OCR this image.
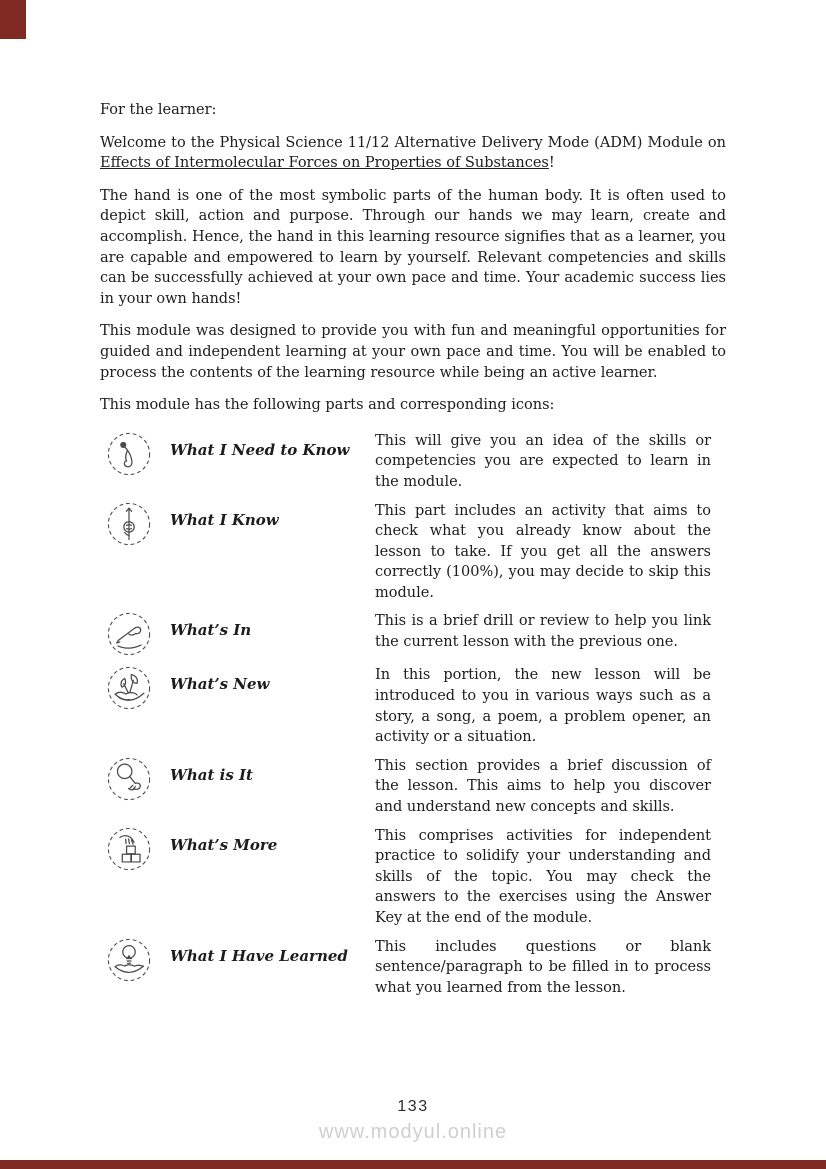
For the learner:

Welcome to the Physical Science 11/12 Alternative Delivery Mode (ADM) Module on Effects of Intermolecular Forces on Properties of Substances!

The hand is one of the most symbolic parts of the human body. It is often used to depict skill, action and purpose. Through our hands we may learn, create and accomplish. Hence, the hand in this learning resource signifies that as a learner, you are capable and empowered to learn by yourself. Relevant competencies and skills can be successfully achieved at your own pace and time. Your academic success lies in your own hands!

This module was designed to provide you with fun and meaningful opportunities for guided and independent learning at your own pace and time. You will be enabled to process the contents of the learning resource while being an active learner.

This module has the following parts and corresponding icons:

What I Need to Know	This will give you an idea of the skills or competencies you are expected to learn in the module.
What I Know	This part includes an activity that aims to check what you already know about the lesson to take. If you get all the answers correctly (100%), you may decide to skip this module.
What’s In	This is a brief drill or review to help you link the current lesson with the previous one.
What’s New	In this portion, the new lesson will be introduced to you in various ways such as a story, a song, a poem, a problem opener, an activity or a situation.
What is It	This section provides a brief discussion of the lesson. This aims to help you discover and understand new concepts and skills.
What’s More	This comprises activities for independent practice to solidify your understanding and skills of the topic. You may check the answers to the exercises using the Answer Key at the end of the module.
What I Have Learned	This includes questions or blank sentence/paragraph to be filled in to process what you learned from the lesson.
133
www.modyul.online
